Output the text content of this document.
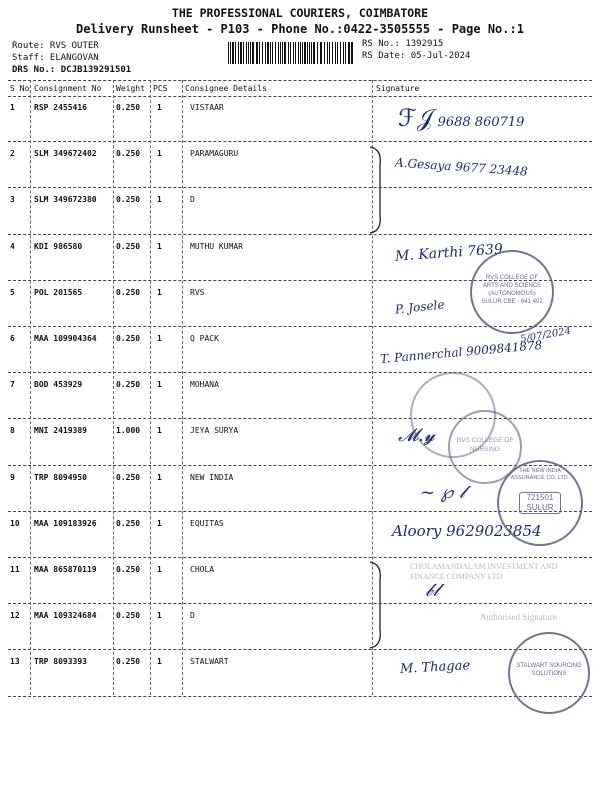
THE PROFESSIONAL COURIERS, COIMBATORE
Delivery Runsheet - P103 - Phone No.:0422-3505555 - Page No.:1
Route: RVS OUTER
Staff: ELANGOVAN
DRS No.: DCJB139291501
RS No.: 1392915
RS Date: 05-Jul-2024
S No Consignment No Weight PCS Consignee Details	Signature
1 RSP 2455416	0.250 1	VISTAAR
2 SLM 349672402 0.250 1	PARAMAGURU
3 SLM 349672380 0.250 1	D
4 KDI 986580	0.250 1	MUTHU KUMAR
5 POL 201565	0.250 1	RVS
6 MAA 109904364 0.250 1	Q PACK
7 BOD 453929	0.250 1	MOHANA
8 MNI 2419389	1.000 1	JEYA SURYA
9 TRP 8094950	0.250 1	NEW INDIA
10 MAA 109183926 0.250 1	EQUITAS
11 MAA 865870119 0.250 1	CHOLA
12 MAA 109324684 0.250 1	D
13 TRP 8093393	0.250 1	STALWART
ℱ𝒥 9688 860719
A.Gesaya 9677 23448
M. Karthi 7639
P. Josele
T. Pannerchal 9009841878
5/07/2024
𝓜.𝔂
~ ℘ 𝓁
Aloory 9629023854
𝒷𝓁
M. Thagae
RVS COLLEGE OF ARTS AND SCIENCE (AUTONOMOUS) SULUR CBE - 641 402
RVS COLLEGE OF NURSING
THE NEW INDIA ASSURANCE CO. LTD.
721501
SULUR
CHOLAMANDALAM INVESTMENT AND FINANCE COMPANY LTD
Authorised Signature
STALWART SOURCING SOLUTIONS
